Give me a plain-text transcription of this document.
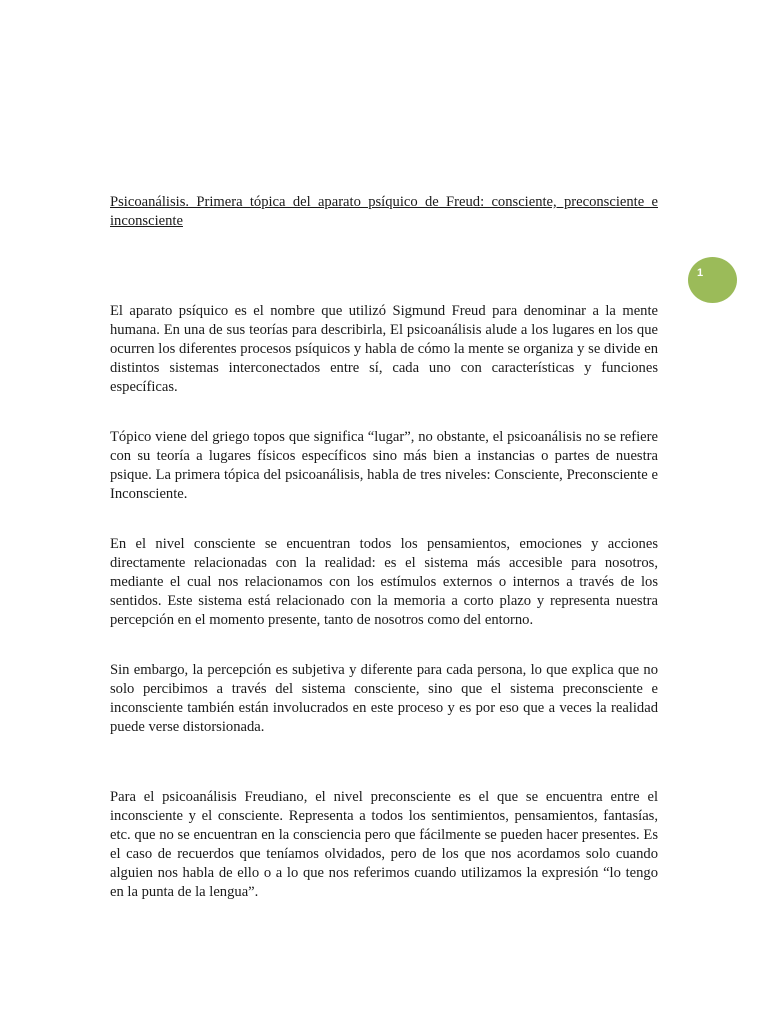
Psicoanálisis. Primera tópica del aparato psíquico de Freud: consciente, preconsciente e inconsciente

El aparato psíquico es el nombre que utilizó Sigmund Freud para denominar a la mente humana. En una de sus teorías para describirla, El psicoanálisis alude a los lugares en los que ocurren los diferentes procesos psíquicos y habla de cómo la mente se organiza y se divide en distintos sistemas interconectados entre sí, cada uno con características y funciones específicas.

Tópico viene del griego topos que significa “lugar”, no obstante, el psicoanálisis no se refiere con su teoría a lugares físicos específicos sino más bien a instancias o partes de nuestra psique. La primera tópica del psicoanálisis, habla de tres niveles: Consciente, Preconsciente e Inconsciente.

En el nivel consciente se encuentran todos los pensamientos, emociones y acciones directamente relacionadas con la realidad: es el sistema más accesible para nosotros, mediante el cual nos relacionamos con los estímulos externos o internos a través de los sentidos. Este sistema está relacionado con la memoria a corto plazo y representa nuestra percepción en el momento presente, tanto de nosotros como del entorno.

Sin embargo, la percepción es subjetiva y diferente para cada persona, lo que explica que no solo percibimos a través del sistema consciente, sino que el sistema preconsciente e inconsciente también están involucrados en este proceso y es por eso que a veces la realidad puede verse distorsionada.

Para el psicoanálisis Freudiano, el nivel preconsciente es el que se encuentra entre el inconsciente y el consciente. Representa a todos los sentimientos, pensamientos, fantasías, etc. que no se encuentran en la consciencia pero que fácilmente se pueden hacer presentes. Es el caso de recuerdos que teníamos olvidados, pero de los que nos acordamos solo cuando alguien nos habla de ello o a lo que nos referimos cuando utilizamos la expresión “lo tengo en la punta de la lengua”.

1
